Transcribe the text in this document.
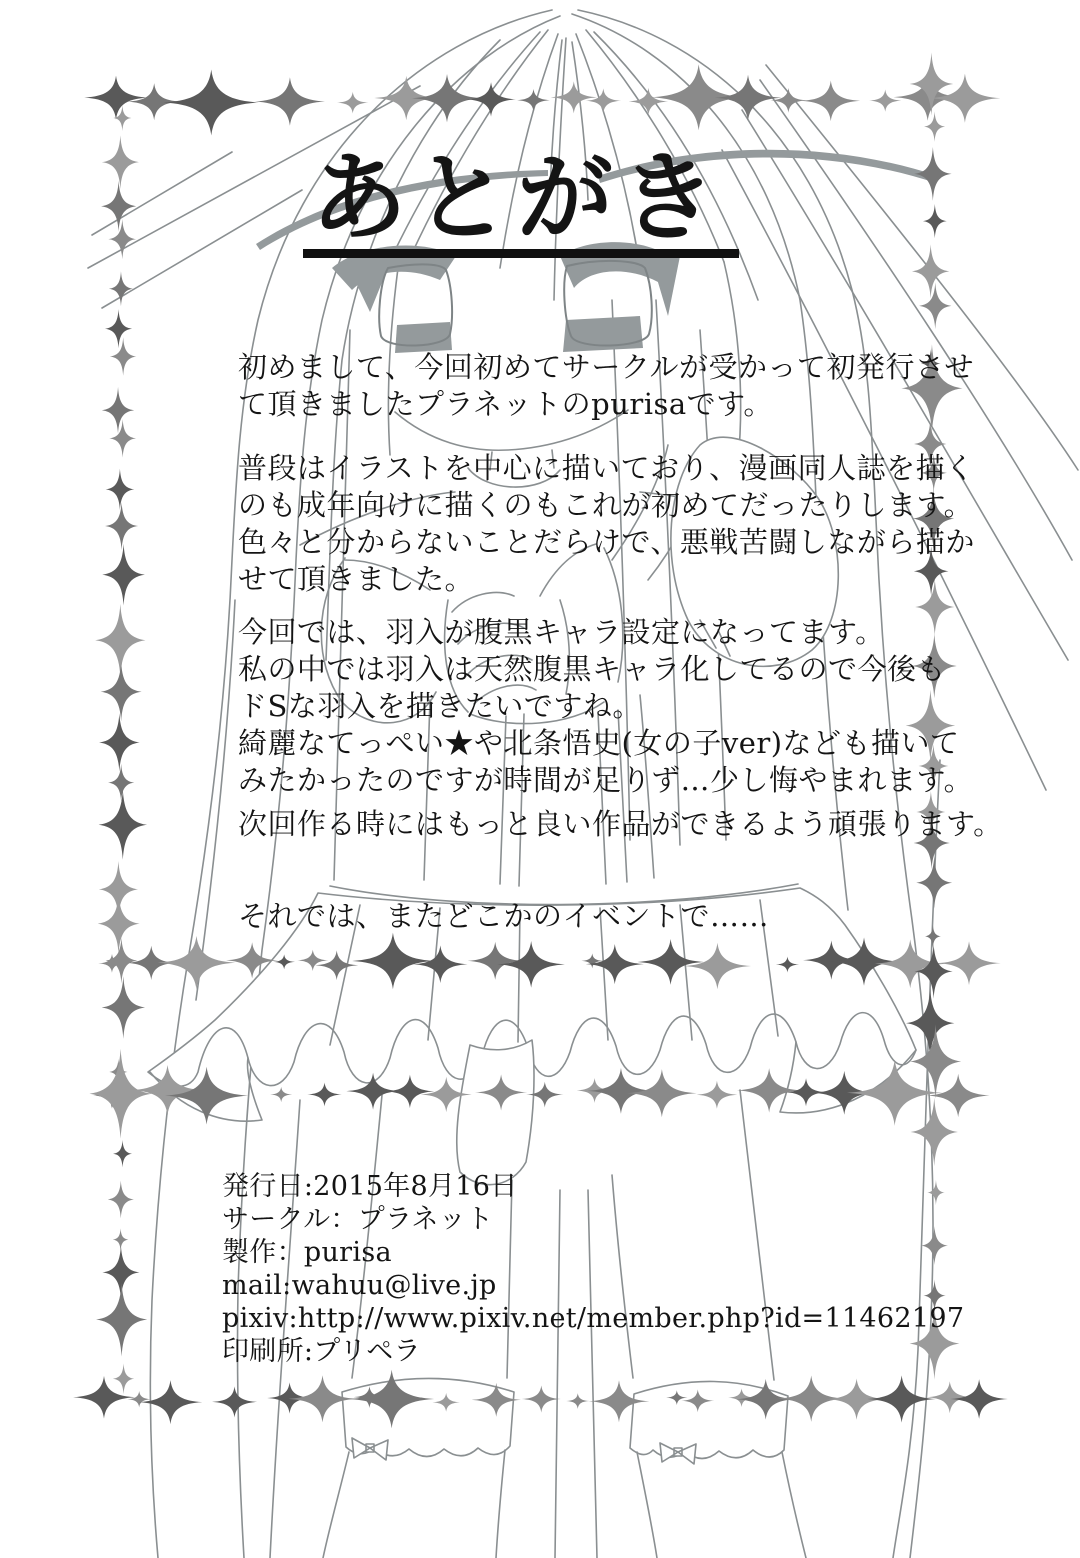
あとがき
初めまして、今回初めてサークルが受かって初発行させ
て頂きましたプラネットのpurisaです。
普段はイラストを中心に描いており、漫画同人誌を描く
のも成年向けに描くのもこれが初めてだったりします。
色々と分からないことだらけで、悪戦苦闘しながら描か
せて頂きました。
今回では、羽入が腹黒キャラ設定になってます。
私の中では羽入は天然腹黒キャラ化してるので今後も
ドSな羽入を描きたいですね。
綺麗なてっぺい★や北条悟史(女の子ver)なども描いて
みたかったのですが時間が足りず…少し悔やまれます。
次回作る時にはもっと良い作品ができるよう頑張ります。
それでは、またどこかのイベントで……
発行日:2015年8月16日
サークル：プラネット
製作：purisa
mail:wahuu@live.jp
pixiv:http://www.pixiv.net/member.php?id=11462197
印刷所:プリペラ
